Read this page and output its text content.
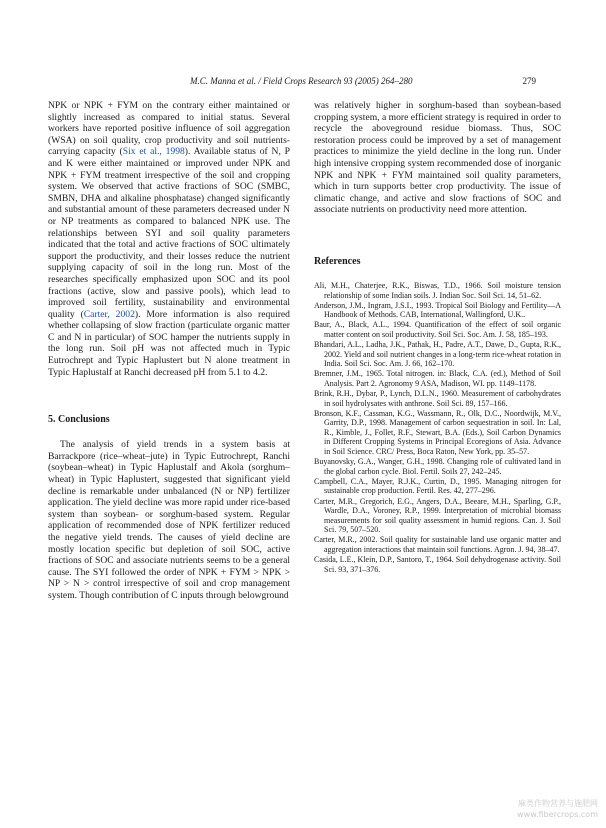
M.C. Manna et al. / Field Crops Research 93 (2005) 264–280	279

NPK or NPK + FYM on the contrary either maintained or slightly increased as compared to initial status. Several workers have reported positive influence of soil aggregation (WSA) on soil quality, crop productivity and soil nutrients-carrying capacity (Six et al., 1998). Available status of N, P and K were either maintained or improved under NPK and NPK + FYM treatment irrespective of the soil and cropping system. We observed that active fractions of SOC (SMBC, SMBN, DHA and alkaline phosphatase) changed significantly and substantial amount of these parameters decreased under N or NP treatments as compared to balanced NPK use. The relationships between SYI and soil quality parameters indicated that the total and active fractions of SOC ultimately support the productivity, and their losses reduce the nutrient supplying capacity of soil in the long run. Most of the researches specifically emphasized upon SOC and its pool fractions (active, slow and passive pools), which lead to improved soil fertility, sustainability and environmental quality (Carter, 2002). More information is also required whether collapsing of slow fraction (particulate organic matter C and N in particular) of SOC hamper the nutrients supply in the long run. Soil pH was not affected much in Typic Eutrochrept and Typic Haplustert but N alone treatment in Typic Haplustalf at Ranchi decreased pH from 5.1 to 4.2.

5. Conclusions

The analysis of yield trends in a system basis at Barrackpore (rice–wheat–jute) in Typic Eutrochrept, Ranchi (soybean–wheat) in Typic Haplustalf and Akola (sorghum–wheat) in Typic Haplustert, suggested that significant yield decline is remarkable under unbalanced (N or NP) fertilizer application. The yield decline was more rapid under rice-based system than soybean- or sorghum-based system. Regular application of recommended dose of NPK fertilizer reduced the negative yield trends. The causes of yield decline are mostly location specific but depletion of soil SOC, active fractions of SOC and associate nutrients seems to be a general cause. The SYI followed the order of NPK + FYM > NPK > NP > N > control irrespective of soil and crop management system. Though contribution of C inputs through belowground

was relatively higher in sorghum-based than soybean-based cropping system, a more efficient strategy is required in order to recycle the aboveground residue biomass. Thus, SOC restoration process could be improved by a set of management practices to minimize the yield decline in the long run. Under high intensive cropping system recommended dose of inorganic NPK and NPK + FYM maintained soil quality parameters, which in turn supports better crop productivity. The issue of climatic change, and active and slow fractions of SOC and associate nutrients on productivity need more attention.

References
Ali, M.H., Chaterjee, R.K., Biswas, T.D., 1966. Soil moisture tension relationship of some Indian soils. J. Indian Soc. Soil Sci. 14, 51–62.
Anderson, J.M., Ingram, J.S.I., 1993. Tropical Soil Biology and Fertility—A Handbook of Methods. CAB, International, Wallingford, U.K..
Baur, A., Black, A.L., 1994. Quantification of the effect of soil organic matter content on soil productivity. Soil Sci. Soc. Am. J. 58, 185–193.
Bhandari, A.L., Ladha, J.K., Pathak, H., Padre, A.T., Dawe, D., Gupta, R.K., 2002. Yield and soil nutrient changes in a long-term rice-wheat rotation in India. Soil Sci. Soc. Am. J. 66, 162–170.
Bremner, J.M., 1965. Total nitrogen. in: Black, C.A. (ed.), Method of Soil Analysis. Part 2. Agronomy 9 ASA, Madison, WI. pp. 1149–1178.
Brink, R.H., Dybar, P., Lynch, D.L.N., 1960. Measurement of carbohydrates in soil hydrolysates with anthrone. Soil Sci. 89, 157–166.
Bronson, K.F., Cassman, K.G., Wassmann, R., Olk, D.C., Noordwijk, M.V., Garrity, D.P., 1998. Management of carbon sequestration in soil. In: Lal, R., Kimble, J., Follet, R.F., Stewart, B.A. (Eds.), Soil Carbon Dynamics in Different Cropping Systems in Principal Ecoregions of Asia. Advance in Soil Science. CRC/ Press, Boca Raton, New York, pp. 35–57.
Buyanovsky, G.A., Wanger, G.H., 1998. Changing role of cultivated land in the global carbon cycle. Biol. Fertil. Soils 27, 242–245.
Campbell, C.A., Mayer, R.J.K., Curtin, D., 1995. Managing nitrogen for sustainable crop production. Fertil. Res. 42, 277–296.
Carter, M.R., Gregorich, E.G., Angers, D.A., Beeare, M.H., Sparling, G.P., Wardle, D.A., Voroney, R.P., 1999. Interpretation of microbial biomass measurements for soil quality assessment in humid regions. Can. J. Soil Sci. 79, 507–520.
Carter, M.R., 2002. Soil quality for sustainable land use organic matter and aggregation interactions that maintain soil functions. Agron. J. 94, 38–47.
Casida, L.E., Klein, D.P., Santoro, T., 1964. Soil dehydrogenase activity. Soil Sci. 93, 371–376.
麻类作物营养与施肥网
www.fibercrops.com
